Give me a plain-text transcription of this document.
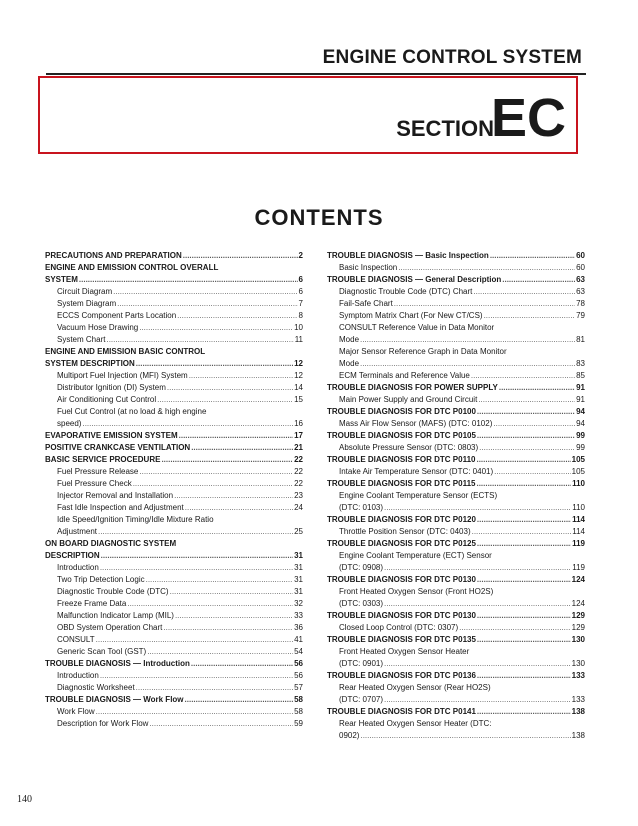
ENGINE CONTROL SYSTEM
SECTION
EC
CONTENTS
PRECAUTIONS AND PREPARATION .....	2
ENGINE AND EMISSION CONTROL OVERALL
SYSTEM .....	6
Circuit Diagram .....	6
System Diagram .....	7
ECCS Component Parts Location .....	8
Vacuum Hose Drawing .....	10
System Chart .....	11
ENGINE AND EMISSION BASIC CONTROL
SYSTEM DESCRIPTION .....	12
Multiport Fuel Injection (MFI) System .....	12
Distributor Ignition (DI) System .....	14
Air Conditioning Cut Control .....	15
Fuel Cut Control (at no load & high engine
speed) .....	16
EVAPORATIVE EMISSION SYSTEM .....	17
POSITIVE CRANKCASE VENTILATION .....	21
BASIC SERVICE PROCEDURE .....	22
Fuel Pressure Release .....	22
Fuel Pressure Check .....	22
Injector Removal and Installation .....	23
Fast Idle Inspection and Adjustment .....	24
Idle Speed/Ignition Timing/Idle Mixture Ratio
Adjustment .....	25
ON BOARD DIAGNOSTIC SYSTEM
DESCRIPTION .....	31
Introduction .....	31
Two Trip Detection Logic .....	31
Diagnostic Trouble Code (DTC) .....	31
Freeze Frame Data .....	32
Malfunction Indicator Lamp (MIL) .....	33
OBD System Operation Chart .....	36
CONSULT .....	41
Generic Scan Tool (GST) .....	54
TROUBLE DIAGNOSIS — Introduction .....	56
Introduction .....	56
Diagnostic Worksheet .....	57
TROUBLE DIAGNOSIS — Work Flow .....	58
Work Flow .....	58
Description for Work Flow .....	59
TROUBLE DIAGNOSIS — Basic Inspection .....	60
Basic Inspection .....	60
TROUBLE DIAGNOSIS — General Description .....	63
Diagnostic Trouble Code (DTC) Chart .....	63
Fail-Safe Chart .....	78
Symptom Matrix Chart (For New CT/CS) .....	79
CONSULT Reference Value in Data Monitor
Mode .....	81
Major Sensor Reference Graph in Data Monitor
Mode .....	83
ECM Terminals and Reference Value .....	85
TROUBLE DIAGNOSIS FOR POWER SUPPLY .....	91
Main Power Supply and Ground Circuit .....	91
TROUBLE DIAGNOSIS FOR DTC P0100 .....	94
Mass Air Flow Sensor (MAFS) (DTC: 0102) .....	94
TROUBLE DIAGNOSIS FOR DTC P0105 .....	99
Absolute Pressure Sensor (DTC: 0803) .....	99
TROUBLE DIAGNOSIS FOR DTC P0110 .....	105
Intake Air Temperature Sensor (DTC: 0401) .....	105
TROUBLE DIAGNOSIS FOR DTC P0115 .....	110
Engine Coolant Temperature Sensor (ECTS)
(DTC: 0103) .....	110
TROUBLE DIAGNOSIS FOR DTC P0120 .....	114
Throttle Position Sensor (DTC: 0403) .....	114
TROUBLE DIAGNOSIS FOR DTC P0125 .....	119
Engine Coolant Temperature (ECT) Sensor
(DTC: 0908) .....	119
TROUBLE DIAGNOSIS FOR DTC P0130 .....	124
Front Heated Oxygen Sensor (Front HO2S)
(DTC: 0303) .....	124
TROUBLE DIAGNOSIS FOR DTC P0130 .....	129
Closed Loop Control (DTC: 0307) .....	129
TROUBLE DIAGNOSIS FOR DTC P0135 .....	130
Front Heated Oxygen Sensor Heater
(DTC: 0901) .....	130
TROUBLE DIAGNOSIS FOR DTC P0136 .....	133
Rear Heated Oxygen Sensor (Rear HO2S)
(DTC: 0707) .....	133
TROUBLE DIAGNOSIS FOR DTC P0141 .....	138
Rear Heated Oxygen Sensor Heater (DTC:
0902) .....	138
140
